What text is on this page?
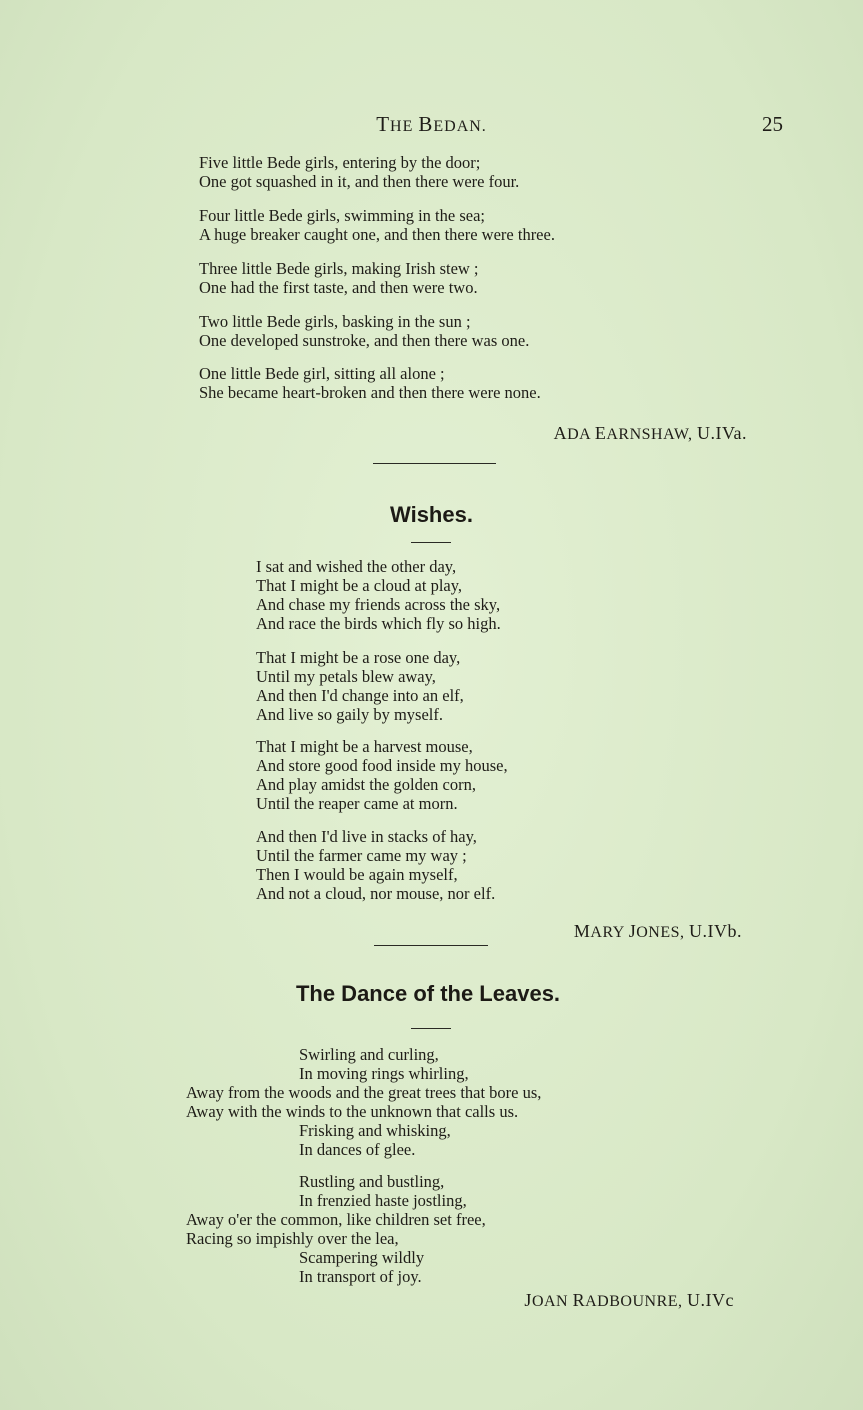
THE BEDAN.	25
Five little Bede girls, entering by the door;
One got squashed in it, and then there were four.
Four little Bede girls, swimming in the sea;
A huge breaker caught one, and then there were three.
Three little Bede girls, making Irish stew ;
One had the first taste, and then were two.
Two little Bede girls, basking in the sun ;
One developed sunstroke, and then there was one.
One little Bede girl, sitting all alone ;
She became heart-broken and then there were none.
ADA EARNSHAW, U.IVa.
Wishes.
I sat and wished the other day,
That I might be a cloud at play,
And chase my friends across the sky,
And race the birds which fly so high.
That I might be a rose one day,
Until my petals blew away,
And then I'd change into an elf,
And live so gaily by myself.
That I might be a harvest mouse,
And store good food inside my house,
And play amidst the golden corn,
Until the reaper came at morn.
And then I'd live in stacks of hay,
Until the farmer came my way ;
Then I would be again myself,
And not a cloud, nor mouse, nor elf.
MARY JONES, U.IVb.
The Dance of the Leaves.
Swirling and curling,
In moving rings whirling,
Away from the woods and the great trees that bore us,
Away with the winds to the unknown that calls us.
Frisking and whisking,
In dances of glee.
Rustling and bustling,
In frenzied haste jostling,
Away o'er the common, like children set free,
Racing so impishly over the lea,
Scampering wildly
In transport of joy.
JOAN RADBOUNRE, U.IVc
